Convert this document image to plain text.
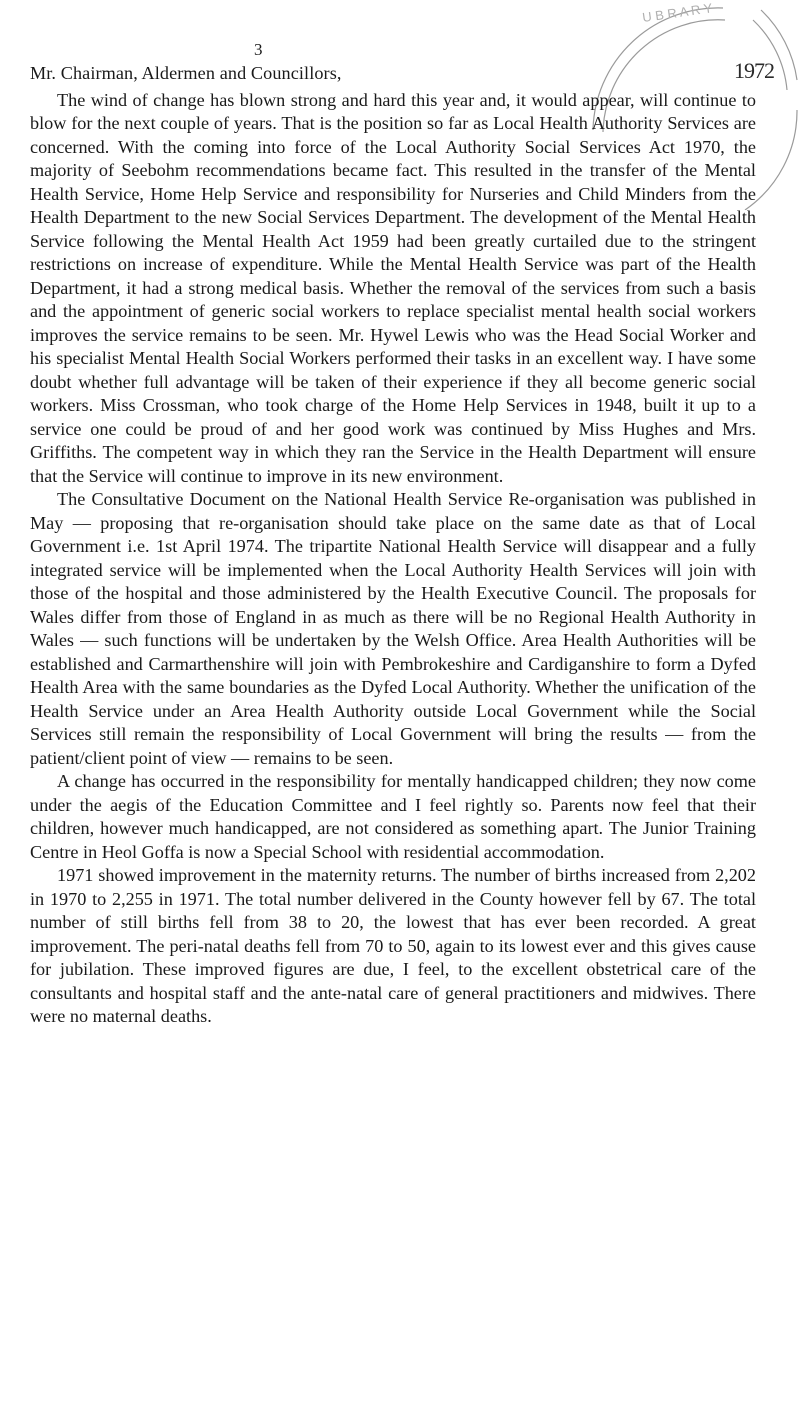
3
U B R A R Y
1972
Mr. Chairman, Aldermen and Councillors,

The wind of change has blown strong and hard this year and, it would appear, will continue to blow for the next couple of years. That is the position so far as Local Health Authority Services are concerned. With the coming into force of the Local Authority Social Services Act 1970, the majority of Seebohm recommendations became fact. This resulted in the transfer of the Mental Health Service, Home Help Service and responsibility for Nurseries and Child Minders from the Health Department to the new Social Services Department. The development of the Mental Health Service following the Mental Health Act 1959 had been greatly curtailed due to the stringent restrictions on increase of expenditure. While the Mental Health Service was part of the Health Department, it had a strong medical basis. Whether the removal of the services from such a basis and the appointment of generic social workers to replace specialist mental health social workers improves the service remains to be seen. Mr. Hywel Lewis who was the Head Social Worker and his specialist Mental Health Social Workers performed their tasks in an excellent way. I have some doubt whether full advantage will be taken of their experience if they all become generic social workers. Miss Crossman, who took charge of the Home Help Services in 1948, built it up to a service one could be proud of and her good work was continued by Miss Hughes and Mrs. Griffiths. The competent way in which they ran the Service in the Health Department will ensure that the Service will continue to improve in its new environment.

The Consultative Document on the National Health Service Re-organisation was published in May — proposing that re-organisation should take place on the same date as that of Local Government i.e. 1st April 1974. The tripartite National Health Service will disappear and a fully integrated service will be implemented when the Local Authority Health Services will join with those of the hospital and those administered by the Health Executive Council. The proposals for Wales differ from those of England in as much as there will be no Regional Health Authority in Wales — such functions will be undertaken by the Welsh Office. Area Health Authorities will be established and Carmarthenshire will join with Pembrokeshire and Cardiganshire to form a Dyfed Health Area with the same boundaries as the Dyfed Local Authority. Whether the unification of the Health Service under an Area Health Authority outside Local Government while the Social Services still remain the responsibility of Local Government will bring the results — from the patient/client point of view — remains to be seen.

A change has occurred in the responsibility for mentally handicapped children; they now come under the aegis of the Education Committee and I feel rightly so. Parents now feel that their children, however much handicapped, are not considered as something apart. The Junior Training Centre in Heol Goffa is now a Special School with residential accommodation.

1971 showed improvement in the maternity returns. The number of births increased from 2,202 in 1970 to 2,255 in 1971. The total number delivered in the County however fell by 67. The total number of still births fell from 38 to 20, the lowest that has ever been recorded. A great improvement. The peri-natal deaths fell from 70 to 50, again to its lowest ever and this gives cause for jubilation. These improved figures are due, I feel, to the excellent obstetrical care of the consultants and hospital staff and the ante-natal care of general practitioners and midwives. There were no maternal deaths.
